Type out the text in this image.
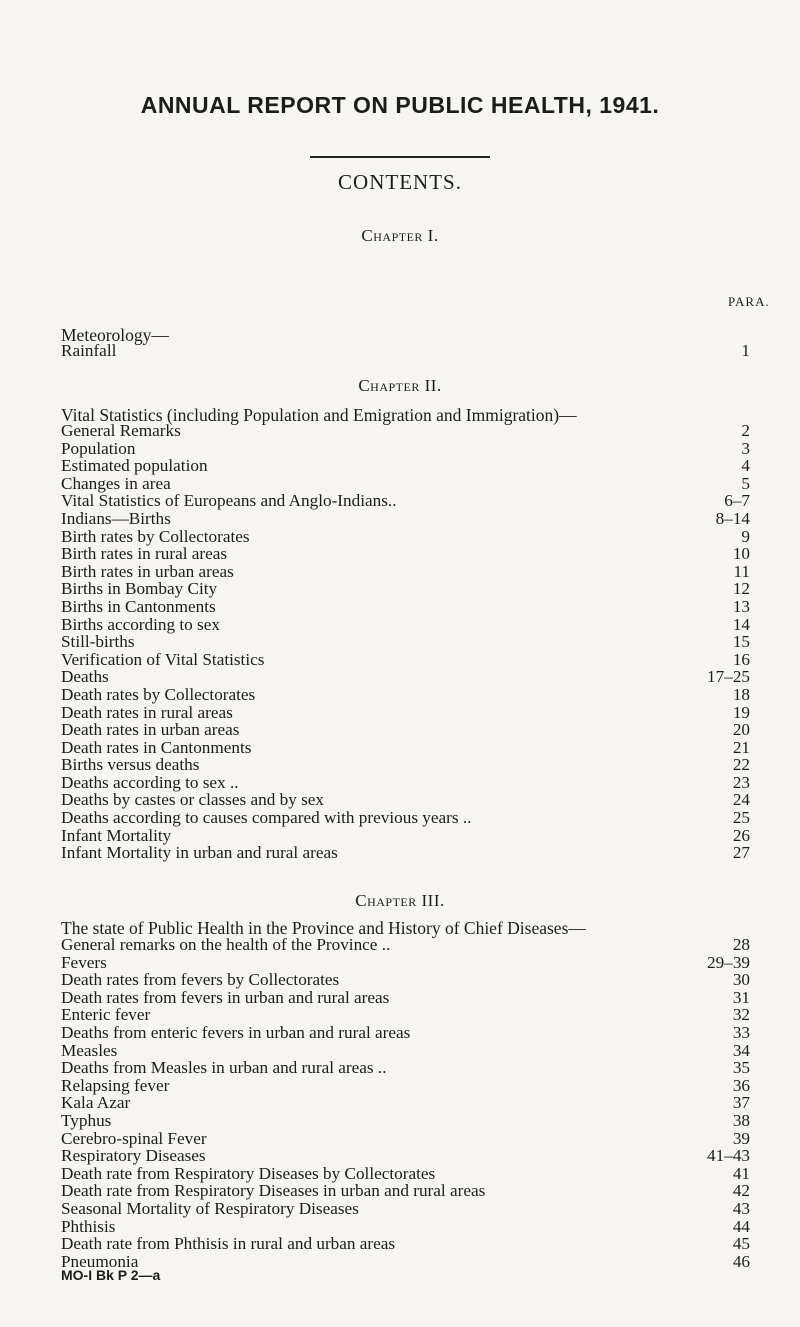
ANNUAL REPORT ON PUBLIC HEALTH, 1941.
CONTENTS.
Chapter I.
PARA.
Meteorology—
Rainfall	1
Chapter II.
Vital Statistics (including Population and Emigration and Immigration)—
General Remarks	2
Population	3
Estimated population	4
Changes in area	5
Vital Statistics of Europeans and Anglo-Indians..	6–7
Indians—Births	8–14
Birth rates by Collectorates	9
Birth rates in rural areas	10
Birth rates in urban areas	11
Births in Bombay City	12
Births in Cantonments	13
Births according to sex	14
Still-births	15
Verification of Vital Statistics	16
Deaths	17–25
Death rates by Collectorates	18
Death rates in rural areas	19
Death rates in urban areas	20
Death rates in Cantonments	21
Births versus deaths	22
Deaths according to sex ..	23
Deaths by castes or classes and by sex	24
Deaths according to causes compared with previous years ..	25
Infant Mortality	26
Infant Mortality in urban and rural areas	27
Chapter III.
The state of Public Health in the Province and History of Chief Diseases—
General remarks on the health of the Province ..	28
Fevers	29–39
Death rates from fevers by Collectorates	30
Death rates from fevers in urban and rural areas	31
Enteric fever	32
Deaths from enteric fevers in urban and rural areas	33
Measles	34
Deaths from Measles in urban and rural areas ..	35
Relapsing fever	36
Kala Azar	37
Typhus	38
Cerebro-spinal Fever	39
Respiratory Diseases	41–43
Death rate from Respiratory Diseases by Collectorates	41
Death rate from Respiratory Diseases in urban and rural areas	42
Seasonal Mortality of Respiratory Diseases	43
Phthisis	44
Death rate from Phthisis in rural and urban areas	45
Pneumonia	46
MO-I Bk P 2—a
